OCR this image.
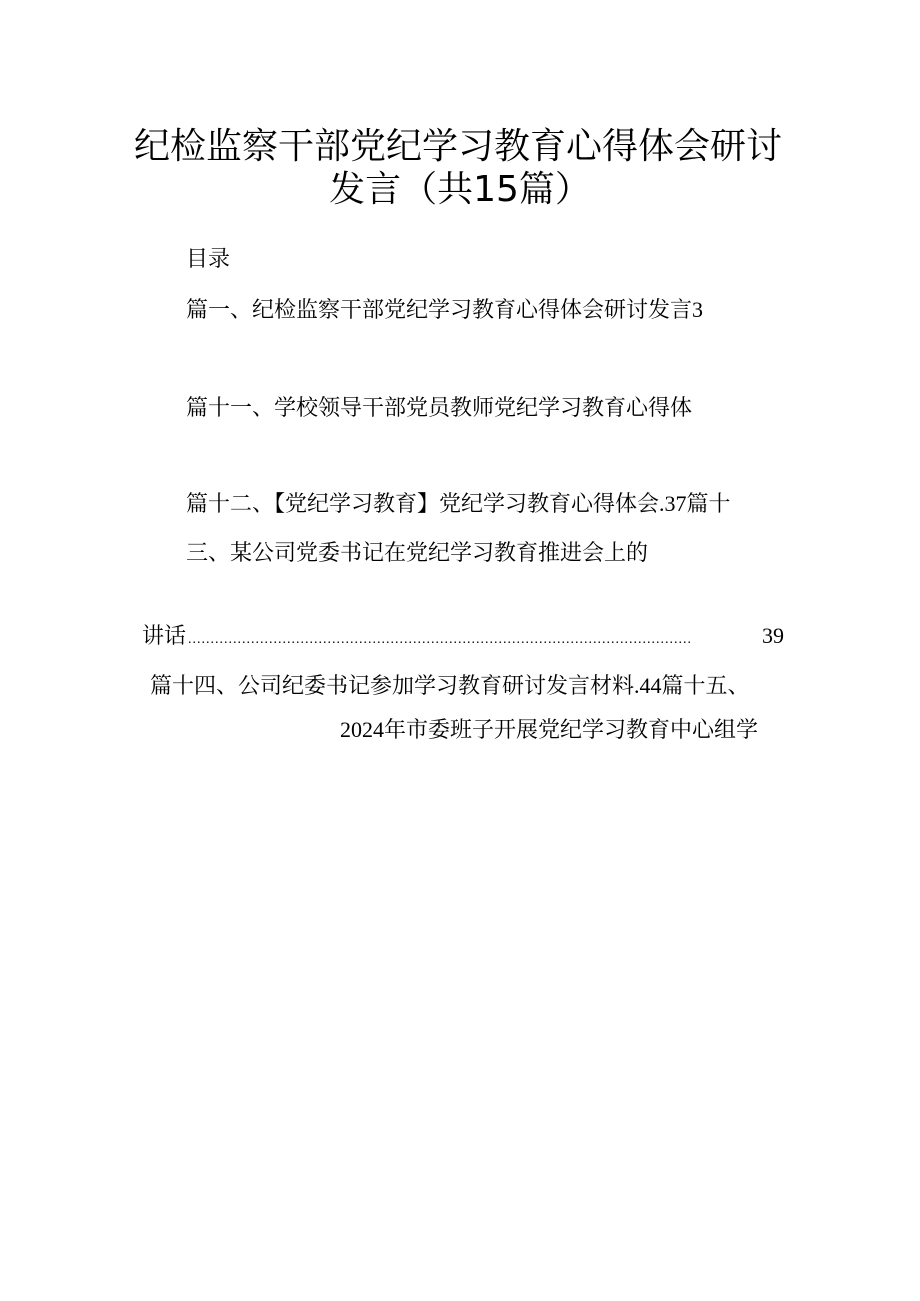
纪检监察干部党纪学习教育心得体会研讨
发言（共15篇）
目录
篇一、纪检监察干部党纪学习教育心得体会研讨发言3
篇十一、学校领导干部党员教师党纪学习教育心得体
篇十二、【党纪学习教育】党纪学习教育心得体会.37篇十
三、某公司党委书记在党纪学习教育推进会上的
讲话 ................................................................................................................	39
篇十四、公司纪委书记参加学习教育研讨发言材料.44篇十五、
2024年市委班子开展党纪学习教育中心组学
